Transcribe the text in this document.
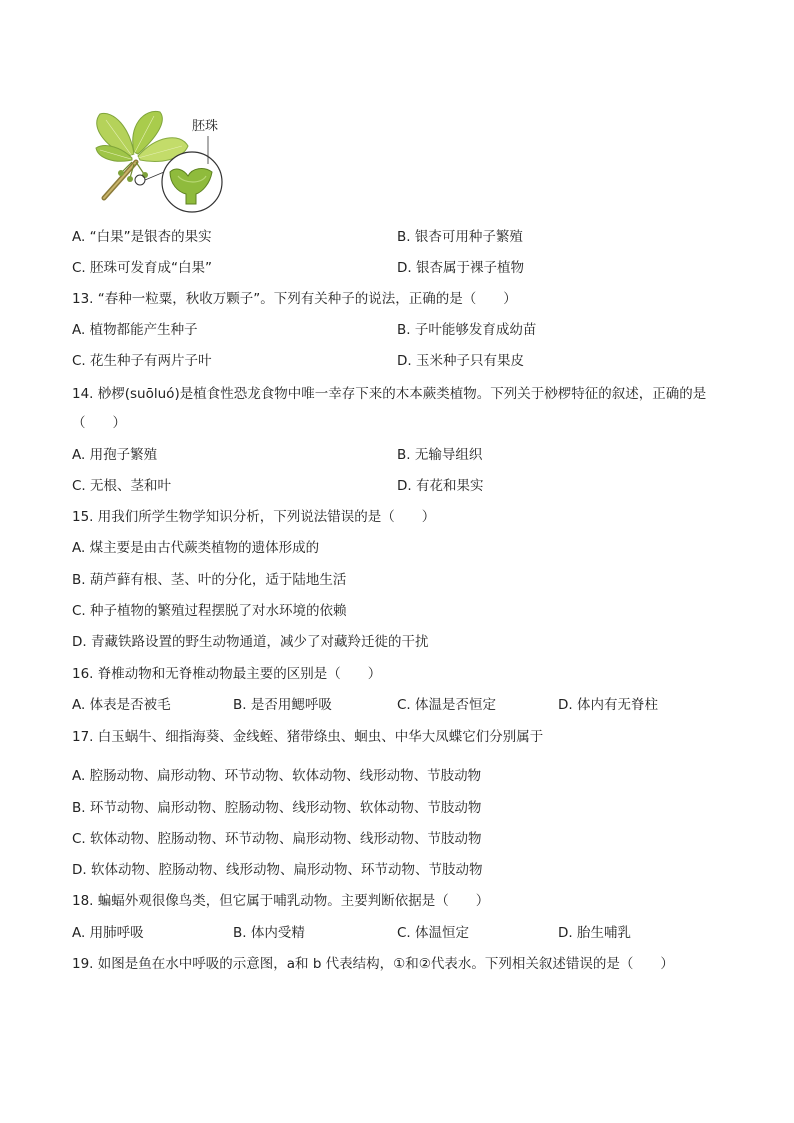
胚珠
A. “白果”是银杏的果实	B. 银杏可用种子繁殖
C. 胚珠可发育成“白果”	D. 银杏属于裸子植物
13. “春种一粒粟，秋收万颗子”。下列有关种子的说法，正确的是（　　）
A. 植物都能产生种子	B. 子叶能够发育成幼苗
C. 花生种子有两片子叶	D. 玉米种子只有果皮
14. 桫椤(suōluó)是植食性恐龙食物中唯一幸存下来的木本蕨类植物。下列关于桫椤特征的叙述，正确的是
（　　）
A. 用孢子繁殖	B. 无输导组织
C. 无根、茎和叶	D. 有花和果实
15. 用我们所学生物学知识分析，下列说法错误的是（　　）
A. 煤主要是由古代蕨类植物的遗体形成的
B. 葫芦藓有根、茎、叶的分化，适于陆地生活
C. 种子植物的繁殖过程摆脱了对水环境的依赖
D. 青藏铁路设置的野生动物通道，减少了对藏羚迁徙的干扰
16. 脊椎动物和无脊椎动物最主要的区别是（　　）
A. 体表是否被毛	B. 是否用鳃呼吸	C. 体温是否恒定	D. 体内有无脊柱
17. 白玉蜗牛、细指海葵、金线蛭、猪带绦虫、蛔虫、中华大凤蝶它们分别属于
A. 腔肠动物、扁形动物、环节动物、软体动物、线形动物、节肢动物
B. 环节动物、扁形动物、腔肠动物、线形动物、软体动物、节肢动物
C. 软体动物、腔肠动物、环节动物、扁形动物、线形动物、节肢动物
D. 软体动物、腔肠动物、线形动物、扁形动物、环节动物、节肢动物
18. 蝙蝠外观很像鸟类，但它属于哺乳动物。主要判断依据是（　　）
A. 用肺呼吸	B. 体内受精	C. 体温恒定	D. 胎生哺乳
19. 如图是鱼在水中呼吸的示意图，a和 b 代表结构，①和②代表水。下列相关叙述错误的是（　　）
